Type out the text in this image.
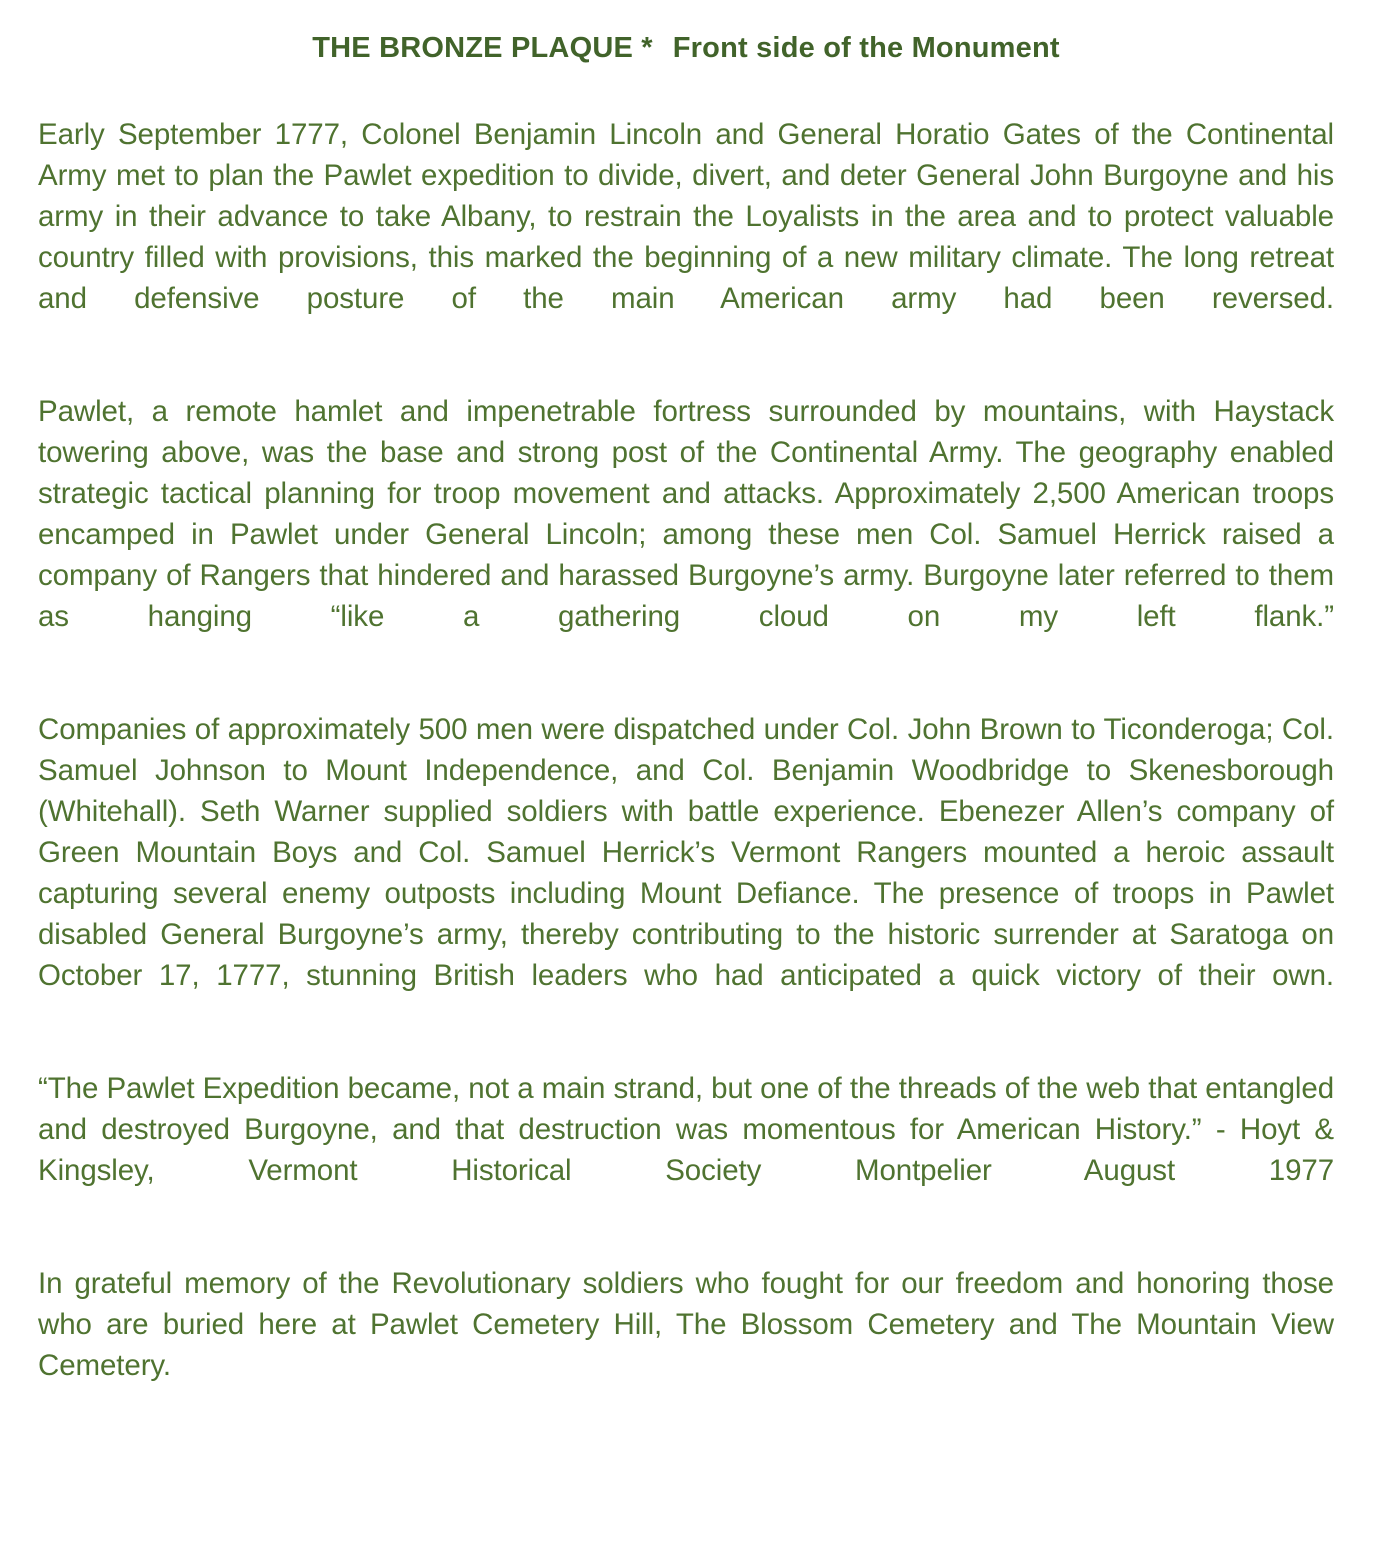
THE BRONZE PLAQUE * Front side of the Monument

Early September 1777, Colonel Benjamin Lincoln and General Horatio Gates of the Continental Army met to plan the Pawlet expedition to divide, divert, and deter General John Burgoyne and his army in their advance to take Albany, to restrain the Loyalists in the area and to protect valuable country filled with provisions, this marked the beginning of a new military climate. The long retreat and defensive posture of the main American army had been reversed.

Pawlet, a remote hamlet and impenetrable fortress surrounded by mountains, with Haystack towering above, was the base and strong post of the Continental Army. The geography enabled strategic tactical planning for troop movement and attacks. Approximately 2,500 American troops encamped in Pawlet under General Lincoln; among these men Col. Samuel Herrick raised a company of Rangers that hindered and harassed Burgoyne’s army. Burgoyne later referred to them as hanging “like a gathering cloud on my left flank.”

Companies of approximately 500 men were dispatched under Col. John Brown to Ticonderoga; Col. Samuel Johnson to Mount Independence, and Col. Benjamin Woodbridge to Skenesborough (Whitehall). Seth Warner supplied soldiers with battle experience. Ebenezer Allen’s company of Green Mountain Boys and Col. Samuel Herrick’s Vermont Rangers mounted a heroic assault capturing several enemy outposts including Mount Defiance. The presence of troops in Pawlet disabled General Burgoyne’s army, thereby contributing to the historic surrender at Saratoga on October 17, 1777, stunning British leaders who had anticipated a quick victory of their own.

“The Pawlet Expedition became, not a main strand, but one of the threads of the web that entangled and destroyed Burgoyne, and that destruction was momentous for American History.” - Hoyt & Kingsley, Vermont Historical Society Montpelier August 1977

In grateful memory of the Revolutionary soldiers who fought for our freedom and honoring those who are buried here at Pawlet Cemetery Hill, The Blossom Cemetery and The Mountain View Cemetery.
